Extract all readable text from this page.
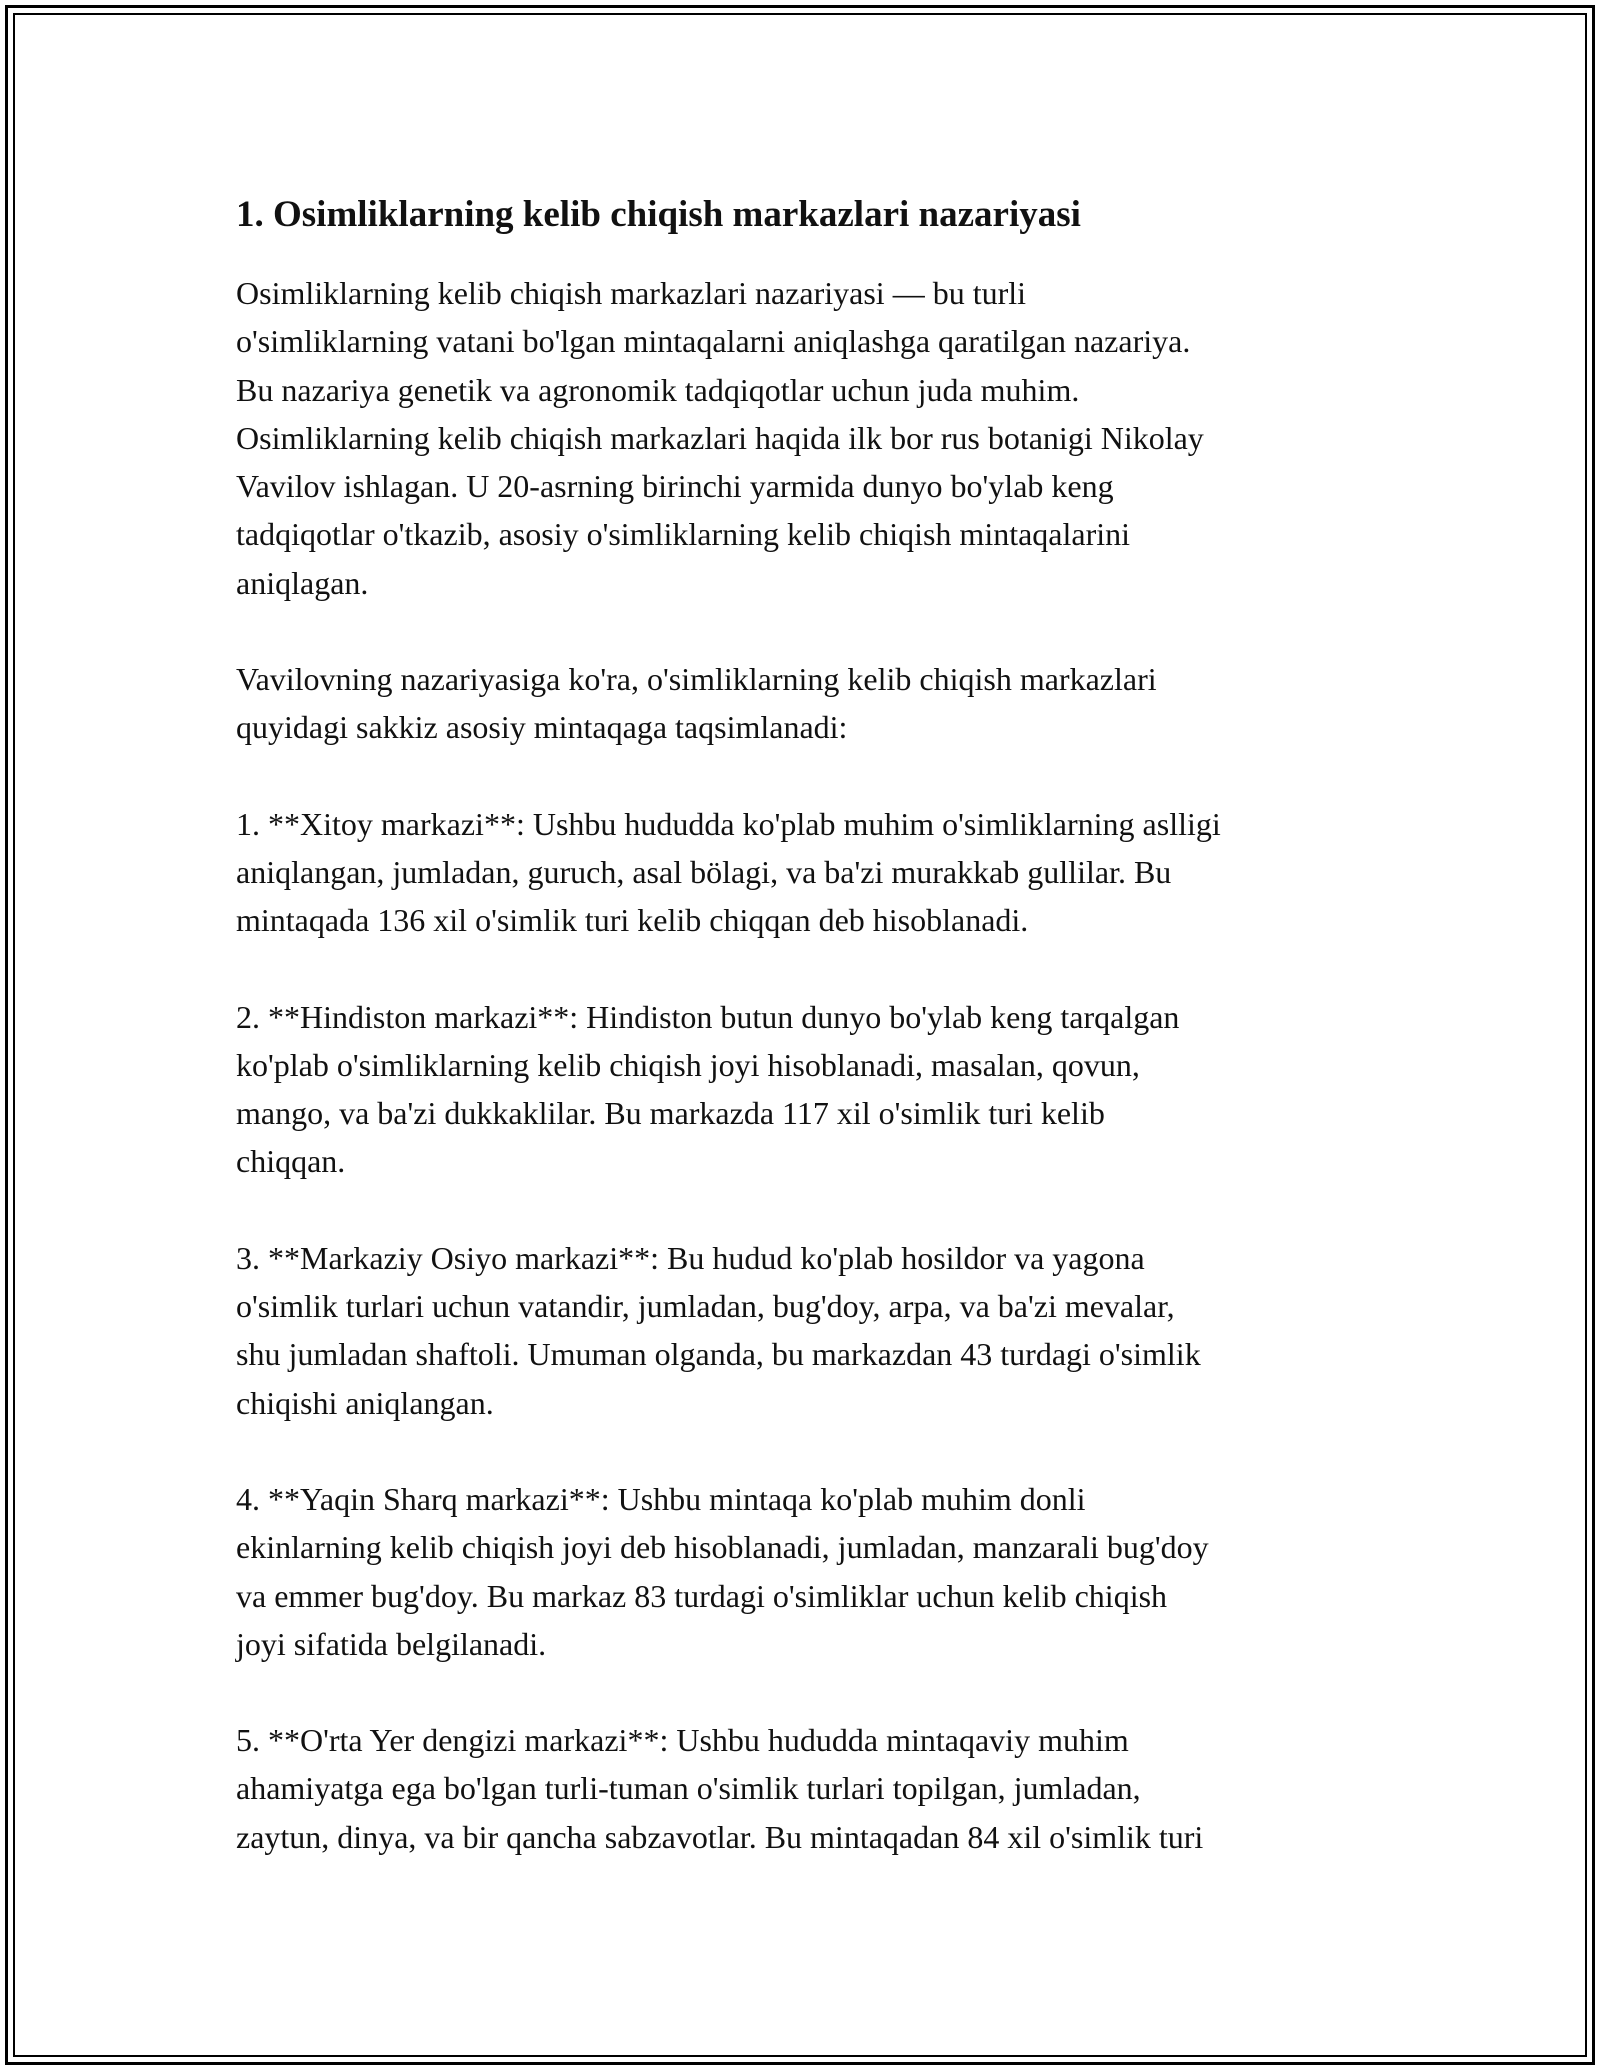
1. Osimliklarning kelib chiqish markazlari nazariyasi

Osimliklarning kelib chiqish markazlari nazariyasi — bu turli
o'simliklarning vatani bo'lgan mintaqalarni aniqlashga qaratilgan nazariya.
Bu nazariya genetik va agronomik tadqiqotlar uchun juda muhim.
Osimliklarning kelib chiqish markazlari haqida ilk bor rus botanigi Nikolay
Vavilov ishlagan. U 20-asrning birinchi yarmida dunyo bo'ylab keng
tadqiqotlar o'tkazib, asosiy o'simliklarning kelib chiqish mintaqalarini
aniqlagan.

Vavilovning nazariyasiga ko'ra, o'simliklarning kelib chiqish markazlari
quyidagi sakkiz asosiy mintaqaga taqsimlanadi:

1. **Xitoy markazi**: Ushbu hududda ko'plab muhim o'simliklarning aslligi
aniqlangan, jumladan, guruch, asal bölagi, va ba'zi murakkab gullilar. Bu
mintaqada 136 xil o'simlik turi kelib chiqqan deb hisoblanadi.

2. **Hindiston markazi**: Hindiston butun dunyo bo'ylab keng tarqalgan
ko'plab o'simliklarning kelib chiqish joyi hisoblanadi, masalan, qovun,
mango, va ba'zi dukkaklilar. Bu markazda 117 xil o'simlik turi kelib
chiqqan.

3. **Markaziy Osiyo markazi**: Bu hudud ko'plab hosildor va yagona
o'simlik turlari uchun vatandir, jumladan, bug'doy, arpa, va ba'zi mevalar,
shu jumladan shaftoli. Umuman olganda, bu markazdan 43 turdagi o'simlik
chiqishi aniqlangan.

4. **Yaqin Sharq markazi**: Ushbu mintaqa ko'plab muhim donli
ekinlarning kelib chiqish joyi deb hisoblanadi, jumladan, manzarali bug'doy
va emmer bug'doy. Bu markaz 83 turdagi o'simliklar uchun kelib chiqish
joyi sifatida belgilanadi.

5. **O'rta Yer dengizi markazi**: Ushbu hududda mintaqaviy muhim
ahamiyatga ega bo'lgan turli-tuman o'simlik turlari topilgan, jumladan,
zaytun, dinya, va bir qancha sabzavotlar. Bu mintaqadan 84 xil o'simlik turi
